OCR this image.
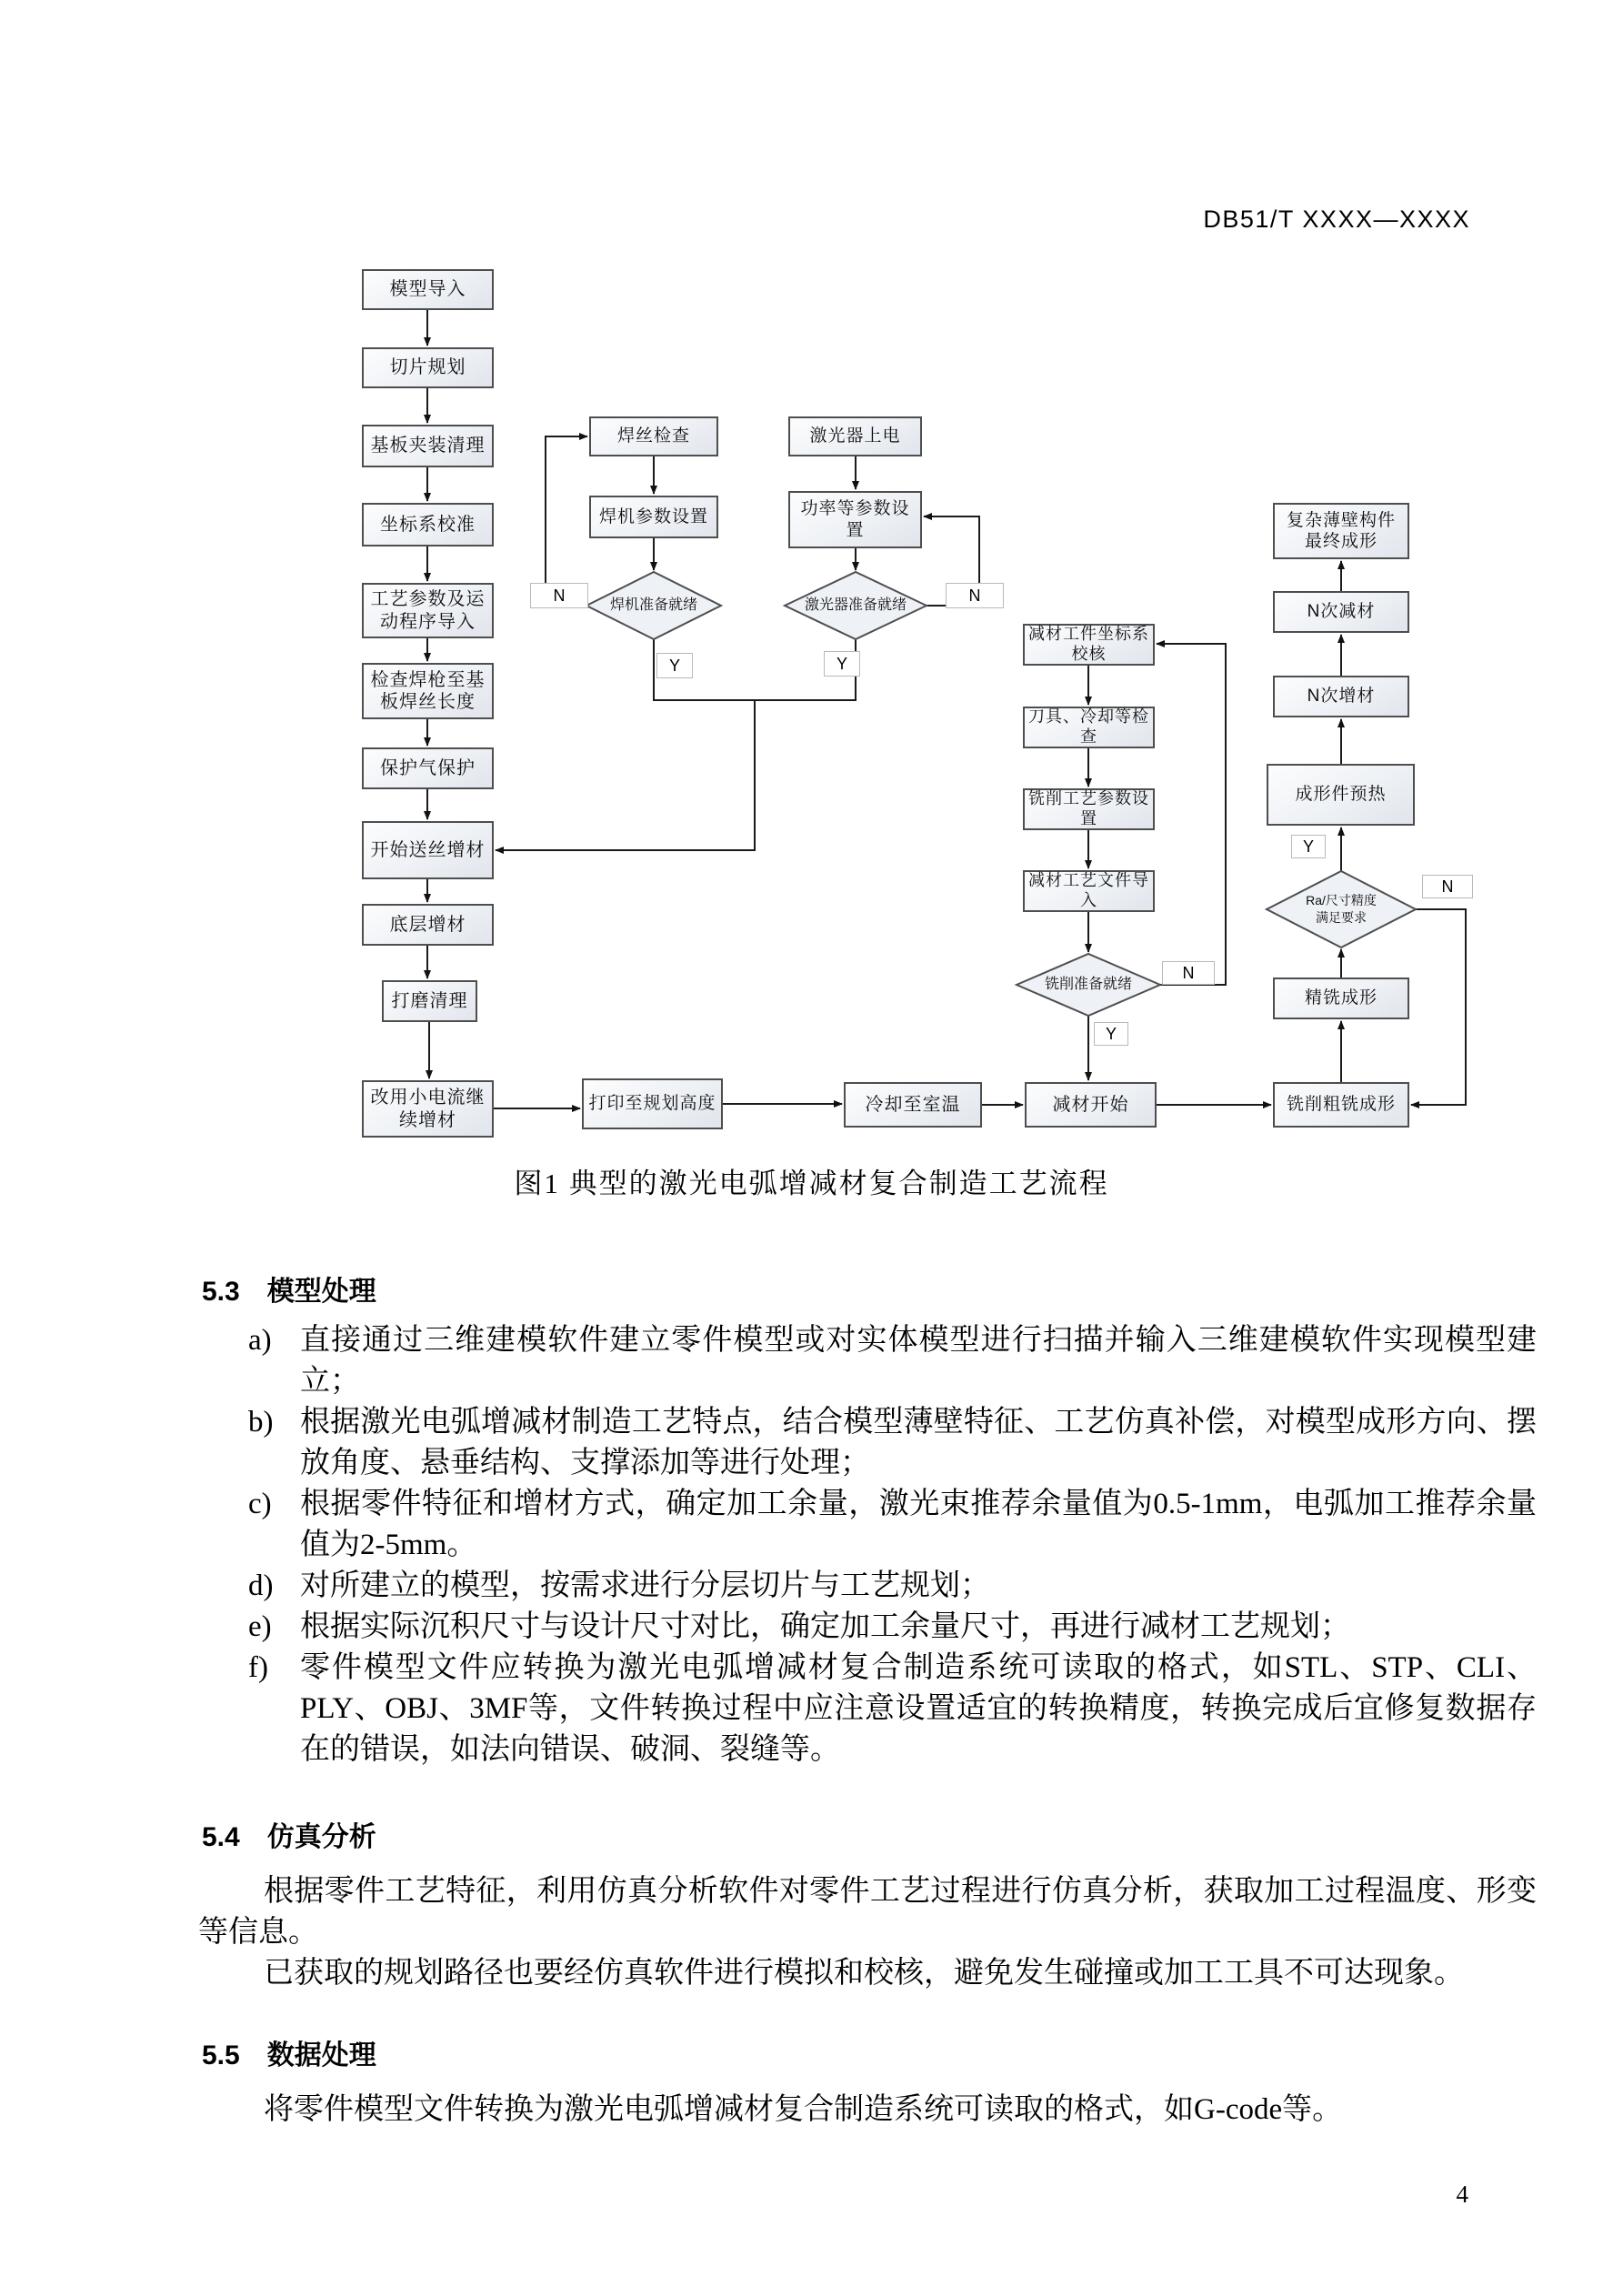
DB51/T XXXX—XXXX
模型导入
切片规划
基板夹装清理
坐标系校准
工艺参数及运动程序导入
检查焊枪至基板焊丝长度
保护气保护
开始送丝增材
底层增材
打磨清理
改用小电流继续增材
焊丝检查
焊机参数设置
激光器上电
功率等参数设置
减材工件坐标系校核
刀具、冷却等检查
铣削工艺参数设置
减材工艺文件导入
打印至规划高度	冷却至室温	减材开始	铣削粗铣成形
精铣成形
成形件预热
N次增材
N次减材
复杂薄壁构件最终成形
焊机准备就绪	激光器准备就绪
铣削准备就绪
Ra/尺寸精度满足要求
N
Y
N
Y
N
Y
Y
N
图1 典型的激光电弧增减材复合制造工艺流程
5.3 模型处理
a) 直接通过三维建模软件建立零件模型或对实体模型进行扫描并输入三维建模软件实现模型建立；
b) 根据激光电弧增减材制造工艺特点，结合模型薄壁特征、工艺仿真补偿，对模型成形方向、摆放角度、悬垂结构、支撑添加等进行处理；
c) 根据零件特征和增材方式，确定加工余量，激光束推荐余量值为0.5-1mm，电弧加工推荐余量值为2-5mm。
d) 对所建立的模型，按需求进行分层切片与工艺规划；
e) 根据实际沉积尺寸与设计尺寸对比，确定加工余量尺寸，再进行减材工艺规划；
f) 零件模型文件应转换为激光电弧增减材复合制造系统可读取的格式，如STL、STP、CLI、PLY、OBJ、3MF等，文件转换过程中应注意设置适宜的转换精度，转换完成后宜修复数据存在的错误，如法向错误、破洞、裂缝等。
5.4 仿真分析

根据零件工艺特征，利用仿真分析软件对零件工艺过程进行仿真分析，获取加工过程温度、形变等信息。

已获取的规划路径也要经仿真软件进行模拟和校核，避免发生碰撞或加工工具不可达现象。

5.5 数据处理

将零件模型文件转换为激光电弧增减材复合制造系统可读取的格式，如G-code等。

4
